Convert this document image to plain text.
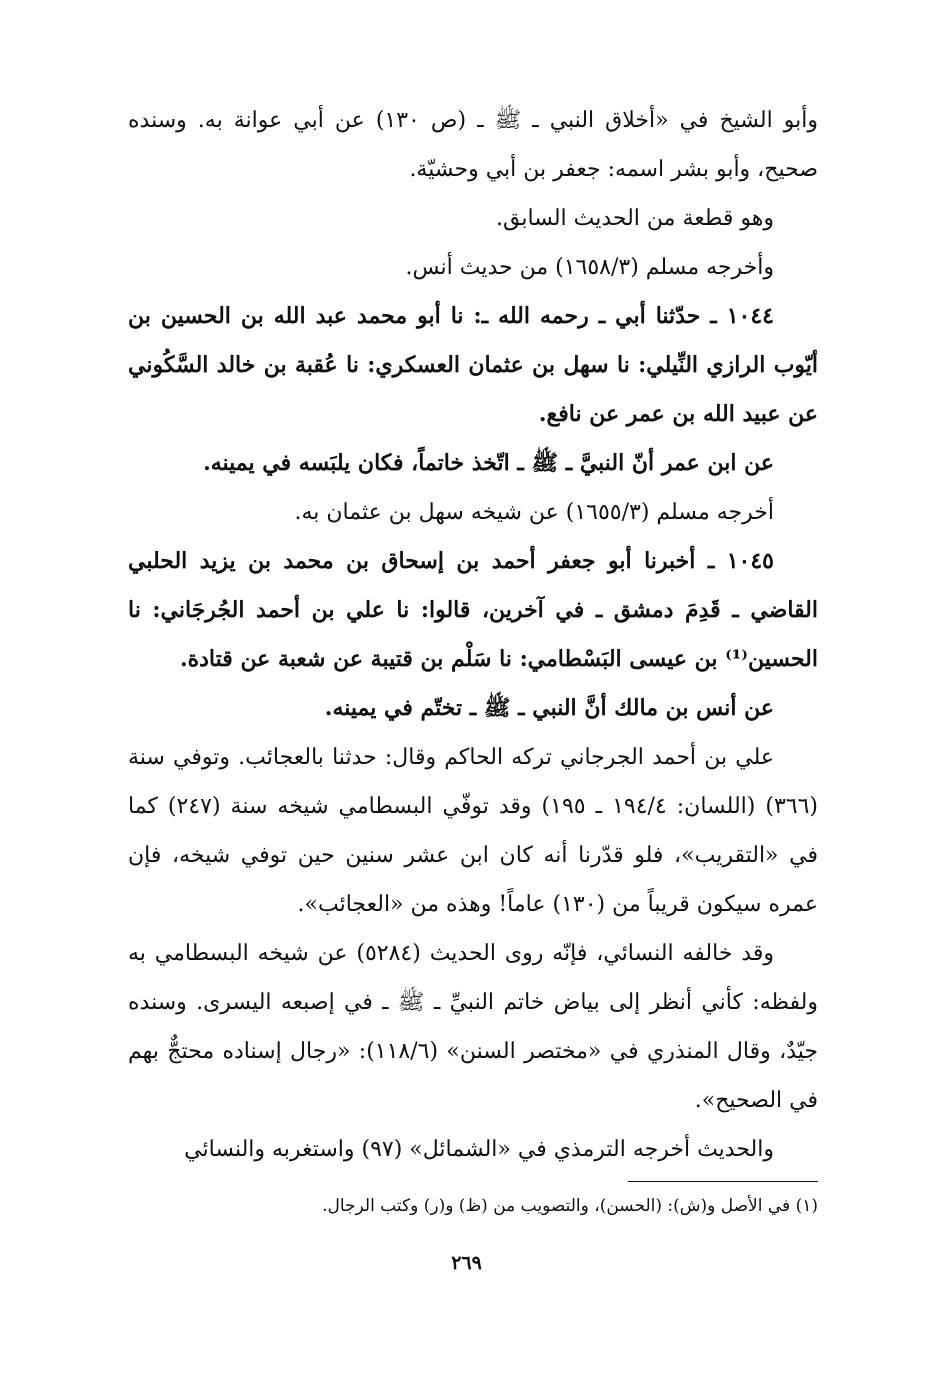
وأبو الشيخ في «أخلاق النبي ـ ﷺ ـ (ص ١٣٠) عن أبي عوانة به. وسنده صحيح، وأبو بشر اسمه: جعفر بن أبي وحشيّة.

وهو قطعة من الحديث السابق.

وأخرجه مسلم (١٦٥٨/٣) من حديث أنس.

١٠٤٤ ـ حدّثنا أبي ـ رحمه الله ـ: نا أبو محمد عبد الله بن الحسين بن أيّوب الرازي النِّيلي: نا سهل بن عثمان العسكري: نا عُقبة بن خالد السَّكُوني عن عبيد الله بن عمر عن نافع.

عن ابن عمر أنّ النبيَّ ـ ﷺ ـ اتّخذ خاتماً، فكان يلبَسه في يمينه.

أخرجه مسلم (١٦٥٥/٣) عن شيخه سهل بن عثمان به.

١٠٤٥ ـ أخبرنا أبو جعفر أحمد بن إسحاق بن محمد بن يزيد الحلبي القاضي ـ قَدِمَ دمشق ـ في آخرين، قالوا: نا علي بن أحمد الجُرجَاني: نا الحسين⁽¹⁾ بن عيسى البَسْطامي: نا سَلْم بن قتيبة عن شعبة عن قتادة.

عن أنس بن مالك أنَّ النبي ـ ﷺ ـ تختّم في يمينه.

علي بن أحمد الجرجاني تركه الحاكم وقال: حدثنا بالعجائب. وتوفي سنة (٣٦٦) (اللسان: ١٩٤/٤ ـ ١٩٥) وقد توفّي البسطامي شيخه سنة (٢٤٧) كما في «التقريب»، فلو قدّرنا أنه كان ابن عشر سنين حين توفي شيخه، فإن عمره سيكون قريباً من (١٣٠) عاماً! وهذه من «العجائب».

وقد خالفه النسائي، فإنّه روى الحديث (٥٢٨٤) عن شيخه البسطامي به ولفظه: كأني أنظر إلى بياض خاتم النبيِّ ـ ﷺ ـ في إصبعه اليسرى. وسنده جيّدٌ، وقال المنذري في «مختصر السنن» (١١٨/٦): «رجال إسناده محتجٌّ بهم في الصحيح».

والحديث أخرجه الترمذي في «الشمائل» (٩٧) واستغربه والنسائي

(١) في الأصل و(ش): (الحسن)، والتصويب من (ظ) و(ر) وكتب الرجال.
٢٦٩
